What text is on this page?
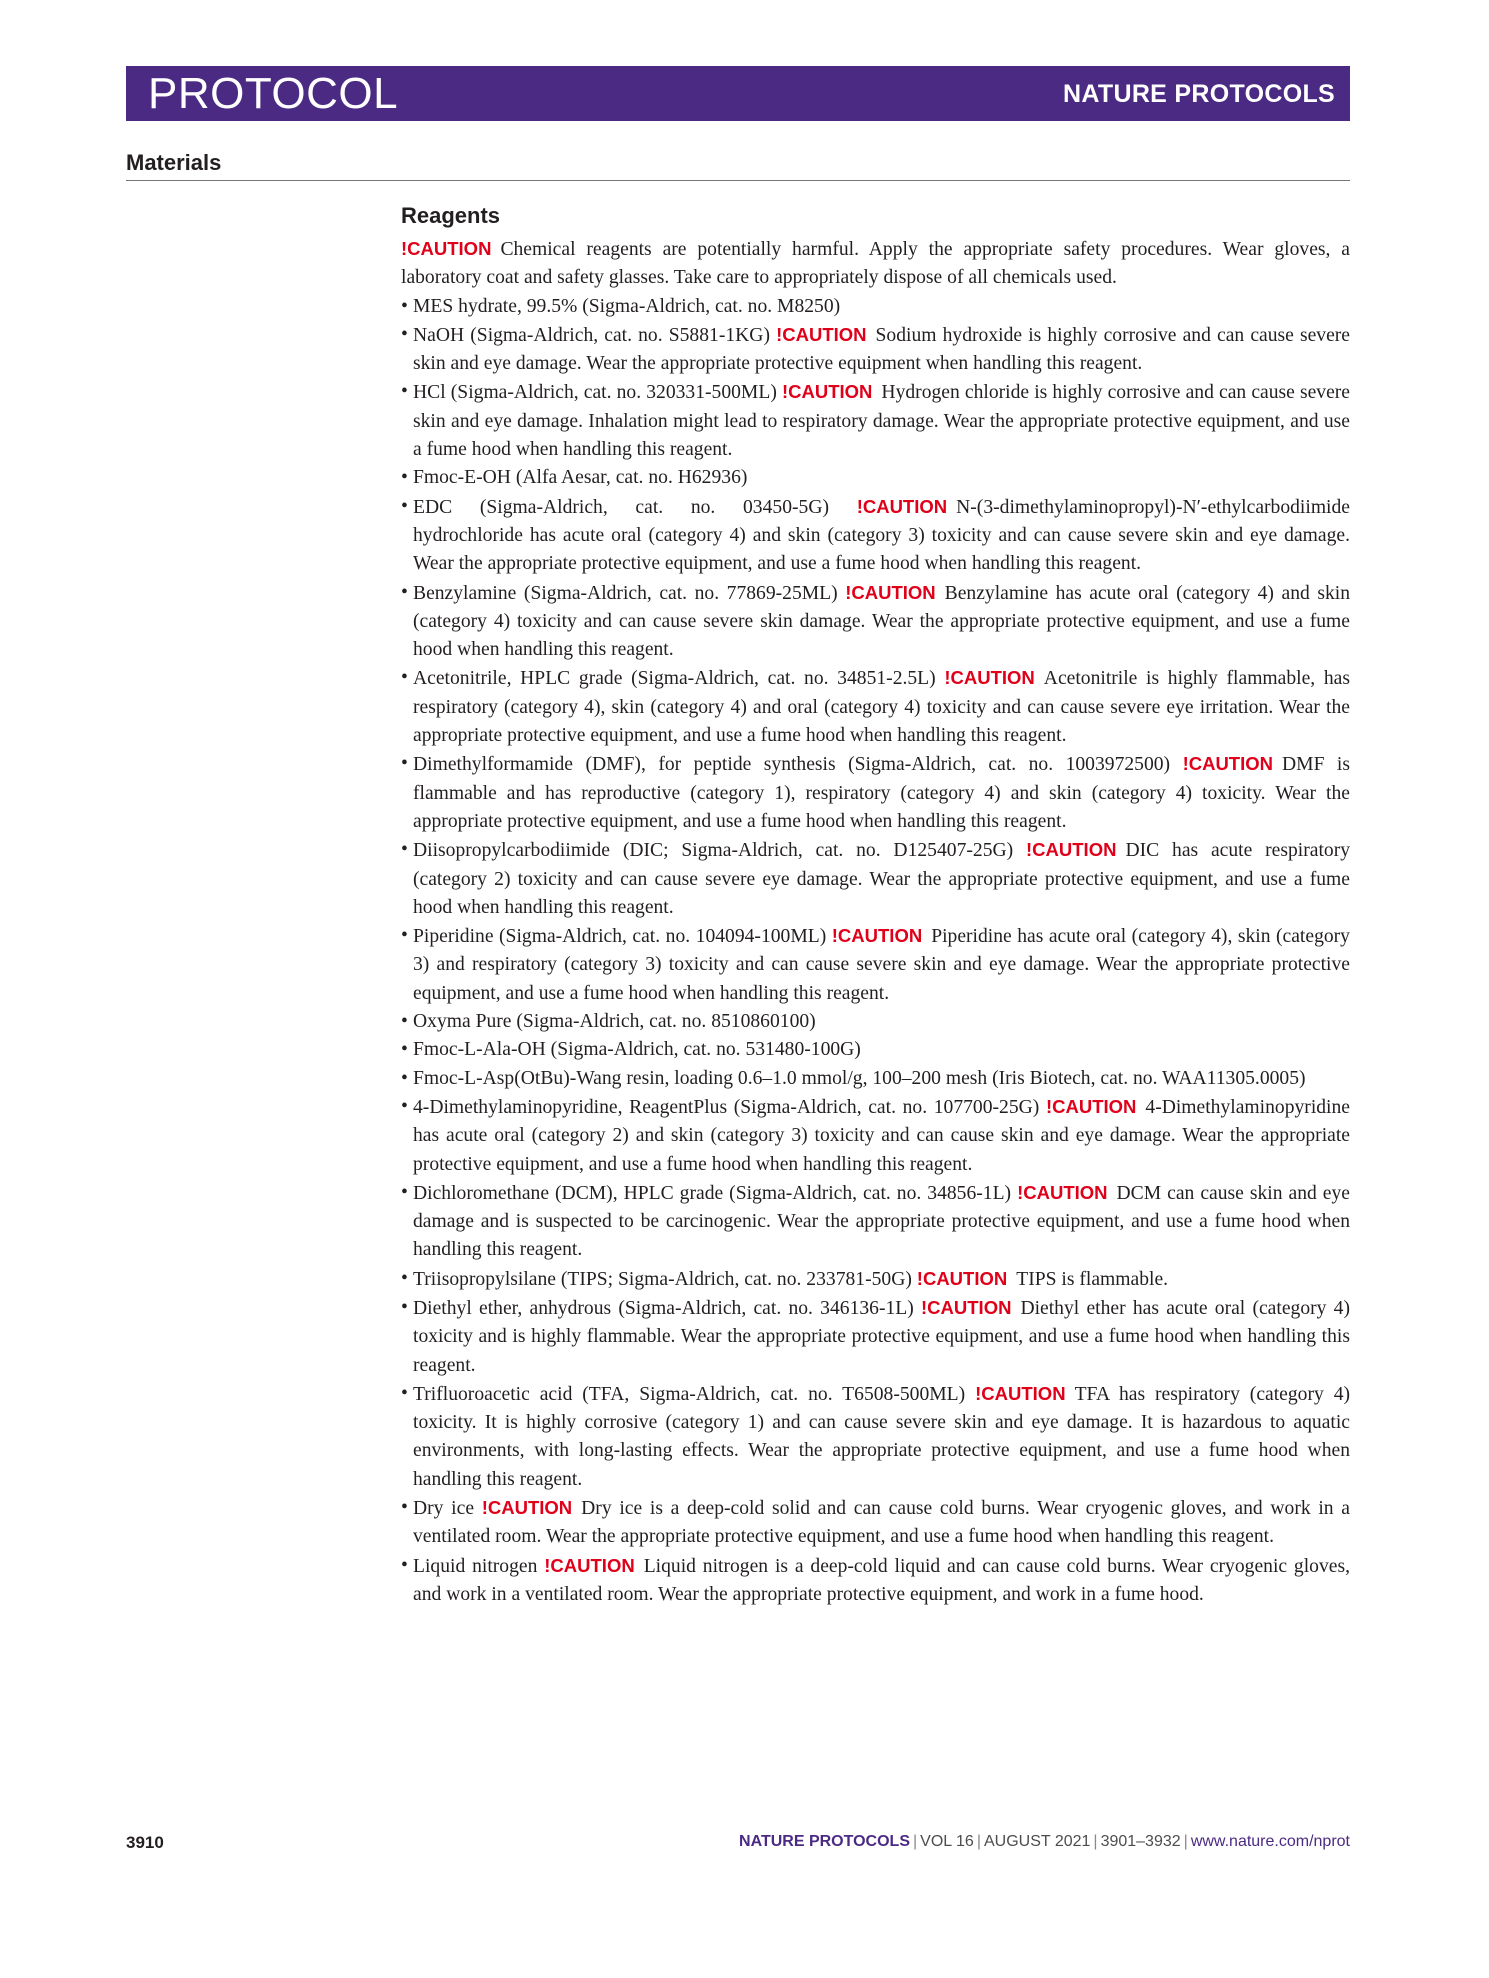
PROTOCOL	NATURE PROTOCOLS
Materials
Reagents

!CAUTION Chemical reagents are potentially harmful. Apply the appropriate safety procedures. Wear gloves, a laboratory coat and safety glasses. Take care to appropriately dispose of all chemicals used.

• MES hydrate, 99.5% (Sigma-Aldrich, cat. no. M8250)
• NaOH (Sigma-Aldrich, cat. no. S5881-1KG) !CAUTION Sodium hydroxide is highly corrosive and can cause severe skin and eye damage. Wear the appropriate protective equipment when handling this reagent.
• HCl (Sigma-Aldrich, cat. no. 320331-500ML) !CAUTION Hydrogen chloride is highly corrosive and can cause severe skin and eye damage. Inhalation might lead to respiratory damage. Wear the appropriate protective equipment, and use a fume hood when handling this reagent.
• Fmoc-E-OH (Alfa Aesar, cat. no. H62936)
• EDC (Sigma-Aldrich, cat. no. 03450-5G) !CAUTION N-(3-dimethylaminopropyl)-N′-ethylcarbodiimide hydrochloride has acute oral (category 4) and skin (category 3) toxicity and can cause severe skin and eye damage. Wear the appropriate protective equipment, and use a fume hood when handling this reagent.
• Benzylamine (Sigma-Aldrich, cat. no. 77869-25ML) !CAUTION Benzylamine has acute oral (category 4) and skin (category 4) toxicity and can cause severe skin damage. Wear the appropriate protective equipment, and use a fume hood when handling this reagent.
• Acetonitrile, HPLC grade (Sigma-Aldrich, cat. no. 34851-2.5L) !CAUTION Acetonitrile is highly flammable, has respiratory (category 4), skin (category 4) and oral (category 4) toxicity and can cause severe eye irritation. Wear the appropriate protective equipment, and use a fume hood when handling this reagent.
• Dimethylformamide (DMF), for peptide synthesis (Sigma-Aldrich, cat. no. 1003972500) !CAUTION DMF is flammable and has reproductive (category 1), respiratory (category 4) and skin (category 4) toxicity. Wear the appropriate protective equipment, and use a fume hood when handling this reagent.
• Diisopropylcarbodiimide (DIC; Sigma-Aldrich, cat. no. D125407-25G) !CAUTION DIC has acute respiratory (category 2) toxicity and can cause severe eye damage. Wear the appropriate protective equipment, and use a fume hood when handling this reagent.
• Piperidine (Sigma-Aldrich, cat. no. 104094-100ML) !CAUTION Piperidine has acute oral (category 4), skin (category 3) and respiratory (category 3) toxicity and can cause severe skin and eye damage. Wear the appropriate protective equipment, and use a fume hood when handling this reagent.
• Oxyma Pure (Sigma-Aldrich, cat. no. 8510860100)
• Fmoc-L-Ala-OH (Sigma-Aldrich, cat. no. 531480-100G)
• Fmoc-L-Asp(OtBu)-Wang resin, loading 0.6–1.0 mmol/g, 100–200 mesh (Iris Biotech, cat. no. WAA11305.0005)
• 4-Dimethylaminopyridine, ReagentPlus (Sigma-Aldrich, cat. no. 107700-25G) !CAUTION 4-Dimethylaminopyridine has acute oral (category 2) and skin (category 3) toxicity and can cause skin and eye damage. Wear the appropriate protective equipment, and use a fume hood when handling this reagent.
• Dichloromethane (DCM), HPLC grade (Sigma-Aldrich, cat. no. 34856-1L) !CAUTION DCM can cause skin and eye damage and is suspected to be carcinogenic. Wear the appropriate protective equipment, and use a fume hood when handling this reagent.
• Triisopropylsilane (TIPS; Sigma-Aldrich, cat. no. 233781-50G) !CAUTION TIPS is flammable.
• Diethyl ether, anhydrous (Sigma-Aldrich, cat. no. 346136-1L) !CAUTION Diethyl ether has acute oral (category 4) toxicity and is highly flammable. Wear the appropriate protective equipment, and use a fume hood when handling this reagent.
• Trifluoroacetic acid (TFA, Sigma-Aldrich, cat. no. T6508-500ML) !CAUTION TFA has respiratory (category 4) toxicity. It is highly corrosive (category 1) and can cause severe skin and eye damage. It is hazardous to aquatic environments, with long-lasting effects. Wear the appropriate protective equipment, and use a fume hood when handling this reagent.
• Dry ice !CAUTION Dry ice is a deep-cold solid and can cause cold burns. Wear cryogenic gloves, and work in a ventilated room. Wear the appropriate protective equipment, and use a fume hood when handling this reagent.
• Liquid nitrogen !CAUTION Liquid nitrogen is a deep-cold liquid and can cause cold burns. Wear cryogenic gloves, and work in a ventilated room. Wear the appropriate protective equipment, and work in a fume hood.
3910	NATURE PROTOCOLS | VOL 16 | AUGUST 2021 | 3901–3932 | www.nature.com/nprot
